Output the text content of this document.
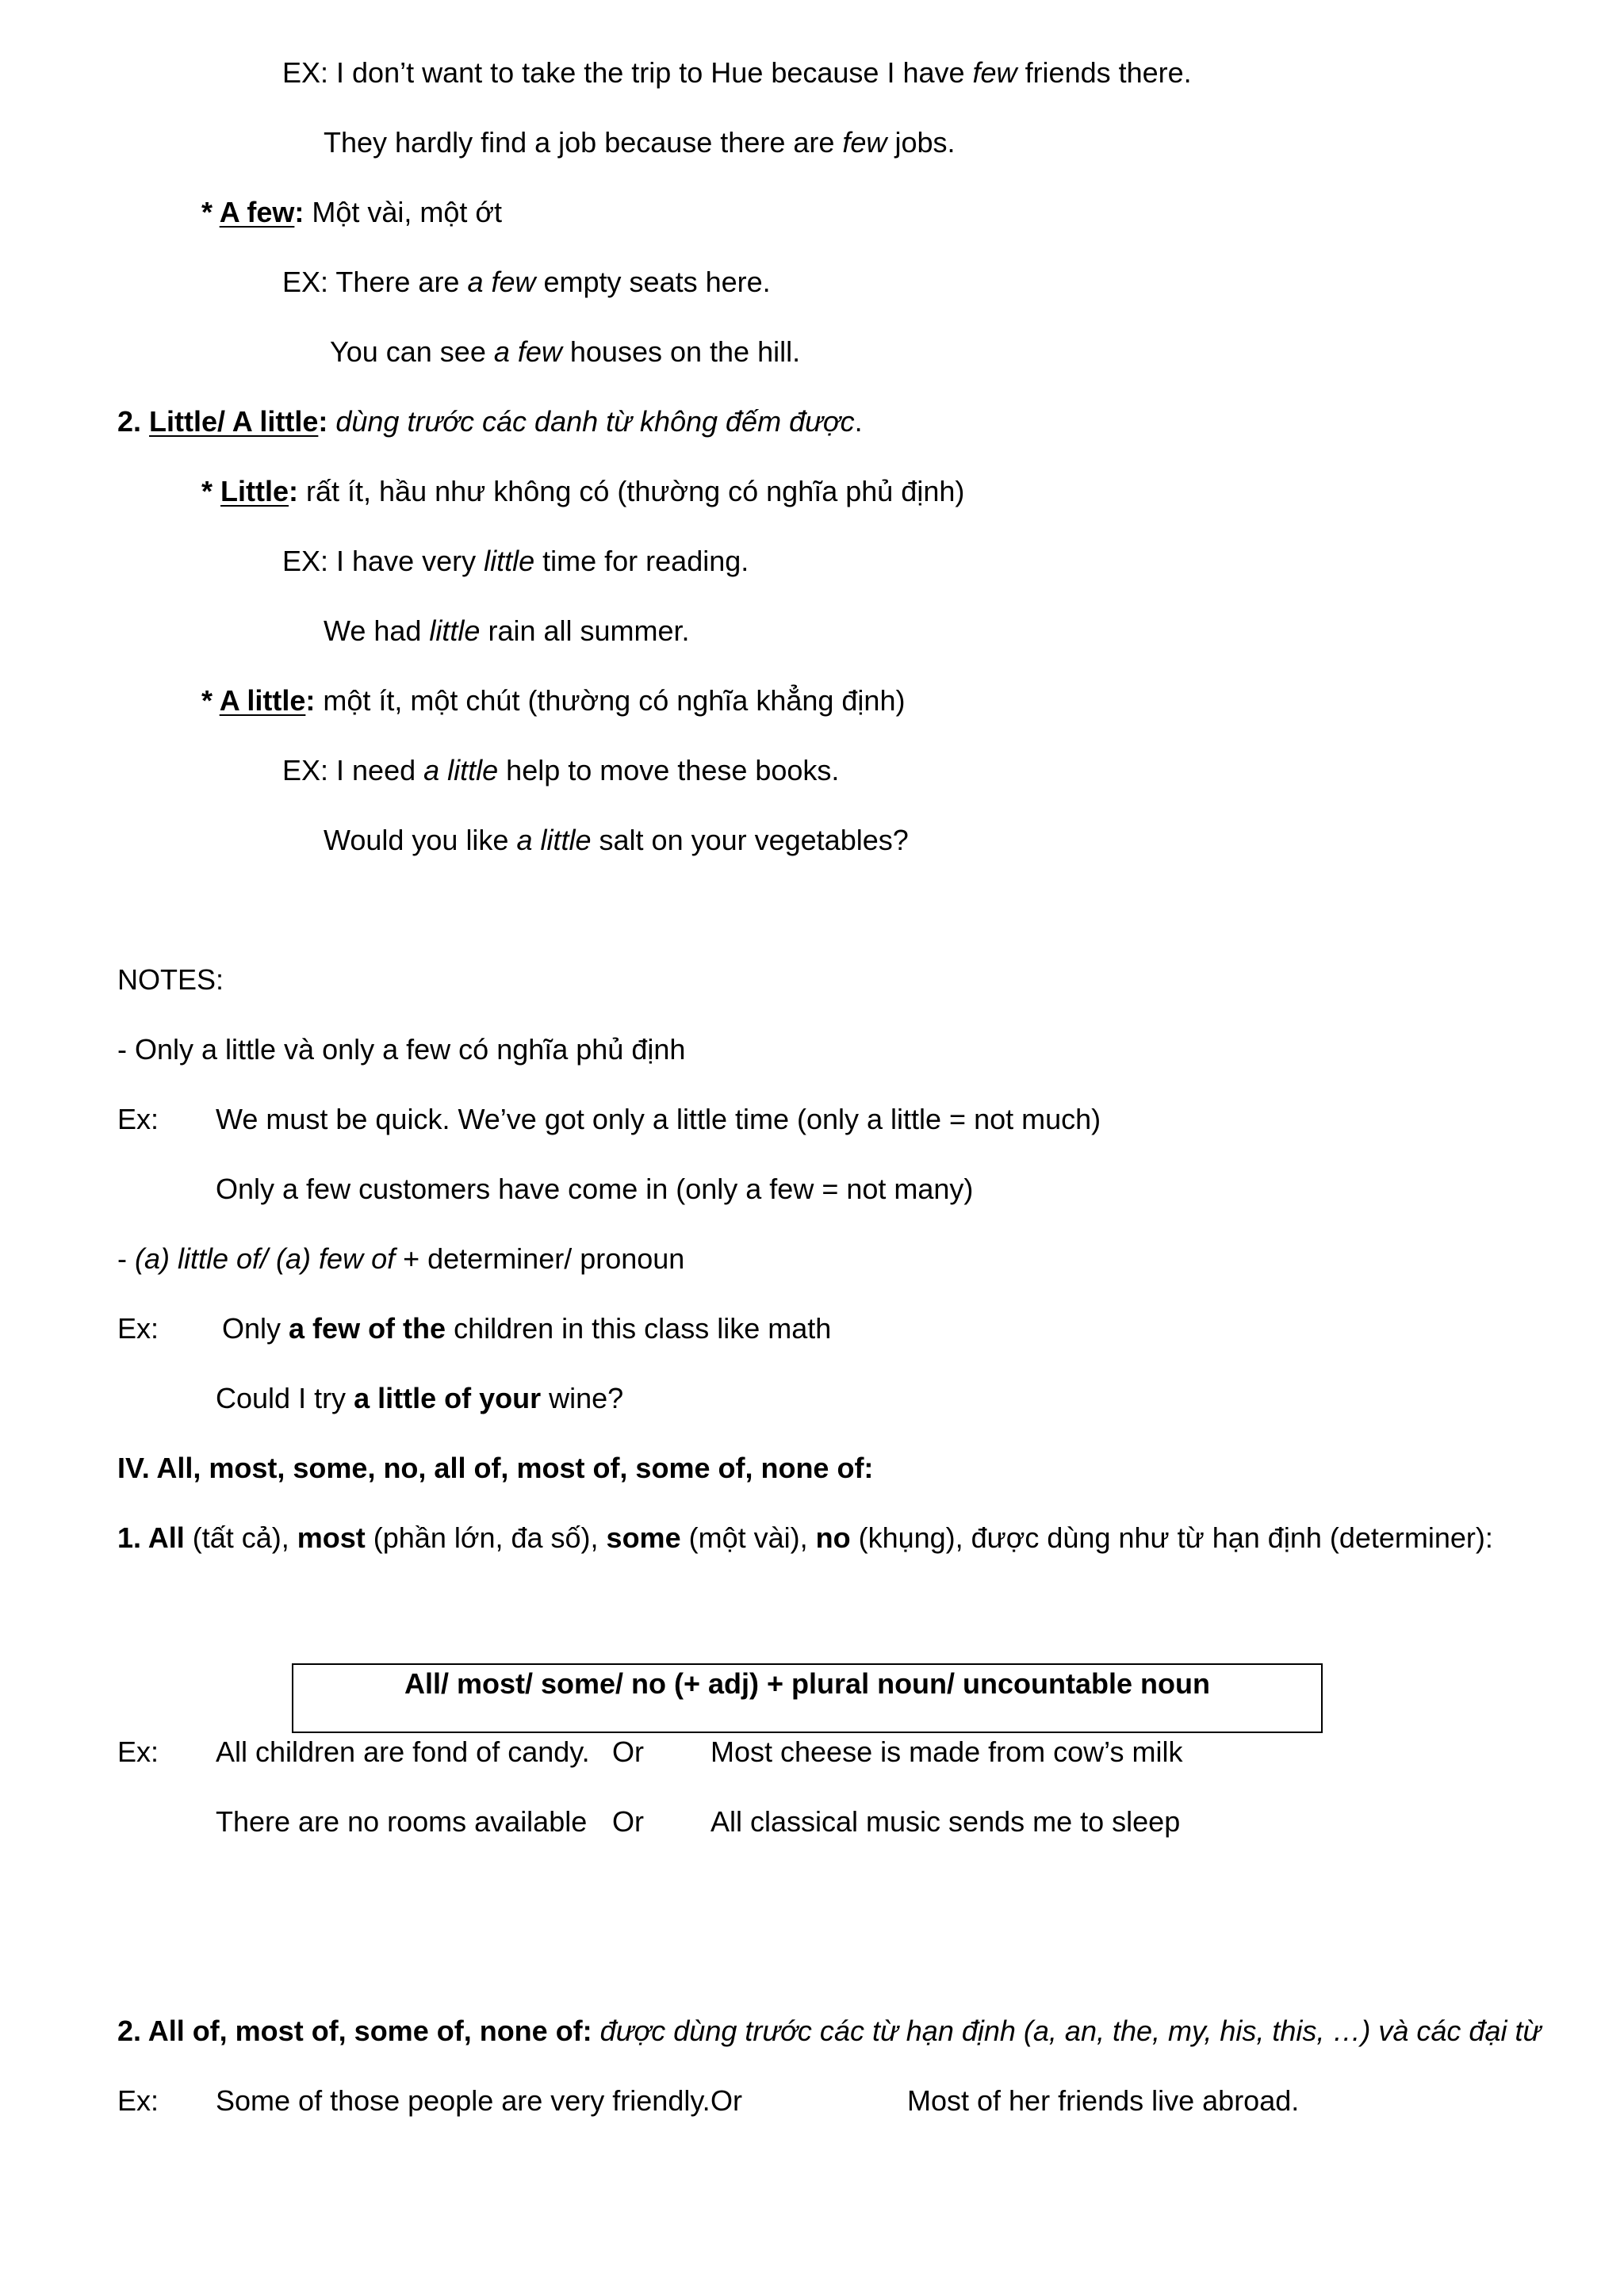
EX: I don’t want to take the trip to Hue because I have few friends there.
They hardly find a job because there are few jobs.
* A few: Một vài, một ớt
EX: There are a few empty seats here.
You can see a few houses on the hill.
2. Little/ A little: dùng trước các danh từ không đếm được.
* Little: rất ít, hầu như không có (thường có nghĩa phủ định)
EX: I have very little time for reading.
We had little rain all summer.
* A little: một ít, một chút (thường có nghĩa khẳng định)
EX: I need a little help to move these books.
Would you like a little salt on your vegetables?
NOTES:
- Only a little và only a few có nghĩa phủ định
Ex: We must be quick. We’ve got only a little time (only a little = not much)
Only a few customers have come in (only a few = not many)
- (a) little of/ (a) few of + determiner/ pronoun
Ex: Only a few of the children in this class like math
Could I try a little of your wine?
IV. All, most, some, no, all of, most of, some of, none of:
1. All (tất cả), most (phần lớn, đa số), some (một vài), no (khụng), được dùng như từ hạn định (determiner):
All/ most/ some/ no (+ adj) + plural noun/ uncountable noun
Ex: All children are fond of candy. Or Most cheese is made from cow’s milk
There are no rooms available Or All classical music sends me to sleep
2. All of, most of, some of, none of: được dùng trước các từ hạn định (a, an, the, my, his, this, …) và các đại từ
Ex: Some of those people are very friendly. Or	Most of her friends live abroad.
